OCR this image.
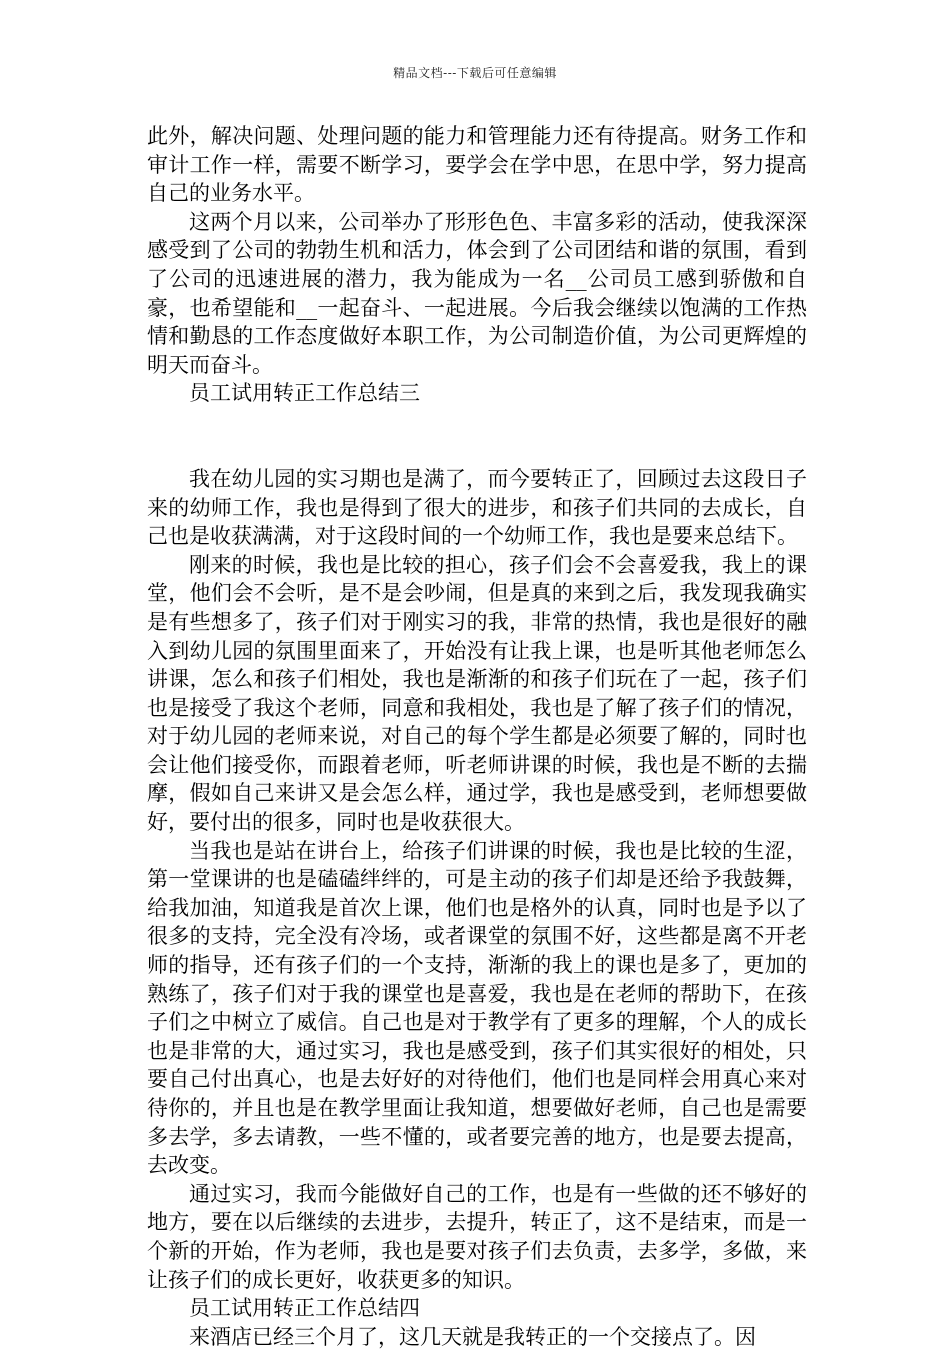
精品文档---下载后可任意编辑

此外，解决问题、处理问题的能力和管理能力还有待提高。财务工作和审计工作一样，需要不断学习，要学会在学中思，在思中学，努力提高自己的业务水平。

这两个月以来，公司举办了形形色色、丰富多彩的活动，使我深深感受到了公司的勃勃生机和活力，体会到了公司团结和谐的氛围，看到了公司的迅速进展的潜力，我为能成为一名__公司员工感到骄傲和自豪，也希望能和__一起奋斗、一起进展。今后我会继续以饱满的工作热情和勤恳的工作态度做好本职工作，为公司制造价值，为公司更辉煌的明天而奋斗。

员工试用转正工作总结三

我在幼儿园的实习期也是满了，而今要转正了，回顾过去这段日子来的幼师工作，我也是得到了很大的进步，和孩子们共同的去成长，自己也是收获满满，对于这段时间的一个幼师工作，我也是要来总结下。

刚来的时候，我也是比较的担心，孩子们会不会喜爱我，我上的课堂，他们会不会听，是不是会吵闹，但是真的来到之后，我发现我确实是有些想多了，孩子们对于刚实习的我，非常的热情，我也是很好的融入到幼儿园的氛围里面来了，开始没有让我上课，也是听其他老师怎么讲课，怎么和孩子们相处，我也是渐渐的和孩子们玩在了一起，孩子们也是接受了我这个老师，同意和我相处，我也是了解了孩子们的情况，对于幼儿园的老师来说，对自己的每个学生都是必须要了解的，同时也会让他们接受你，而跟着老师，听老师讲课的时候，我也是不断的去揣摩，假如自己来讲又是会怎么样，通过学，我也是感受到，老师想要做好，要付出的很多，同时也是收获很大。

当我也是站在讲台上，给孩子们讲课的时候，我也是比较的生涩，第一堂课讲的也是磕磕绊绊的，可是主动的孩子们却是还给予我鼓舞，给我加油，知道我是首次上课，他们也是格外的认真，同时也是予以了很多的支持，完全没有冷场，或者课堂的氛围不好，这些都是离不开老师的指导，还有孩子们的一个支持，渐渐的我上的课也是多了，更加的熟练了，孩子们对于我的课堂也是喜爱，我也是在老师的帮助下，在孩子们之中树立了威信。自己也是对于教学有了更多的理解，个人的成长也是非常的大，通过实习，我也是感受到，孩子们其实很好的相处，只要自己付出真心，也是去好好的对待他们，他们也是同样会用真心来对待你的，并且也是在教学里面让我知道，想要做好老师，自己也是需要多去学，多去请教，一些不懂的，或者要完善的地方，也是要去提高，去改变。

通过实习，我而今能做好自己的工作，也是有一些做的还不够好的地方，要在以后继续的去进步，去提升，转正了，这不是结束，而是一个新的开始，作为老师，我也是要对孩子们去负责，去多学，多做，来让孩子们的成长更好，收获更多的知识。

员工试用转正工作总结四

来酒店已经三个月了，这几天就是我转正的一个交接点了。因
